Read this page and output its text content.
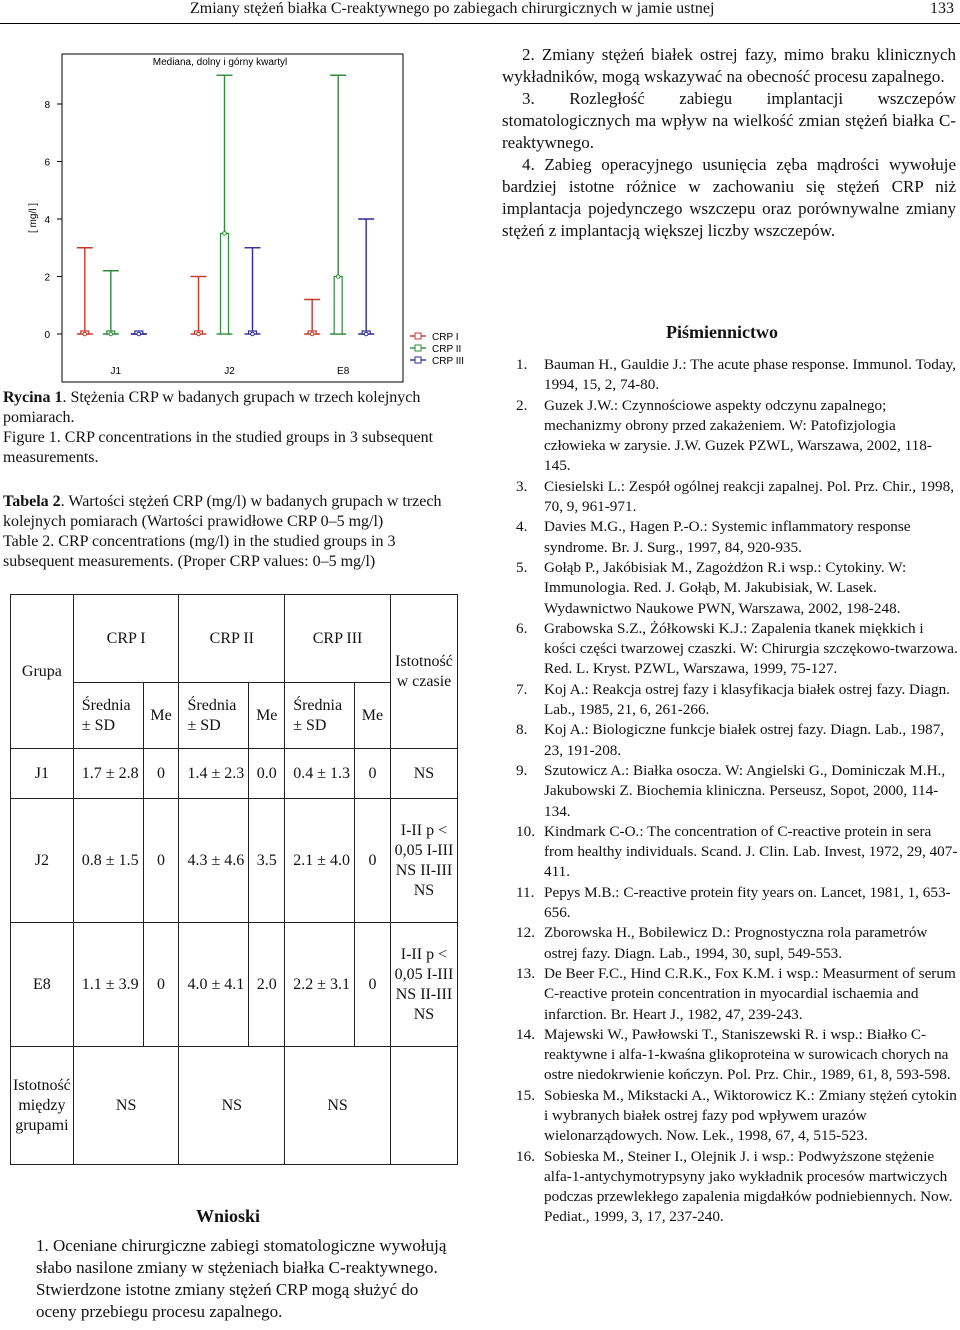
Zmiany stężeń białka C-reaktywnego po zabiegach chirurgicznych w jamie ustnej	133
Mediana, dolny i górny kwartyl
[ mg/l ]
0
2
4
6
8
J1	J2	E8
CRP I
CRP II
CRP III
Rycina 1. Stężenia CRP w badanych grupach w trzech kolejnych pomiarach.
Figure 1. CRP concentrations in the studied groups in 3 subsequent measurements.
Tabela 2. Wartości stężeń CRP (mg/l) w badanych grupach w trzech kolejnych pomiarach (Wartości prawidłowe CRP 0–5 mg/l)
Table 2. CRP concentrations (mg/l) in the studied groups in 3 subsequent measurements. (Proper CRP values: 0–5 mg/l)
Grupa	CRP I		CRP II		CRP III		Istotność w czasie
	Średnia ± SD	Me	Średnia ± SD	Me	Średnia ± SD	Me	
J1	1.7 ± 2.8	0	1.4 ± 2.3	0.0	0.4 ± 1.3	0	NS
J2	0.8 ± 1.5	0	4.3 ± 4.6	3.5	2.1 ± 4.0	0	I-II p < 0,05 I-III NS II-III NS
E8	1.1 ± 3.9	0	4.0 ± 4.1	2.0	2.2 ± 3.1	0	I-II p < 0,05 I-III NS II-III NS
Istotność między grupami	NS		NS		NS		
Wnioski
1. Oceniane chirurgiczne zabiegi stomatologiczne wywołują słabo nasilone zmiany w stężeniach białka C-reaktywnego. Stwierdzone istotne zmiany stężeń CRP mogą służyć do oceny przebiegu procesu zapalnego.

2. Zmiany stężeń białek ostrej fazy, mimo braku klinicznych wykładników, mogą wskazywać na obecność procesu zapalnego.

3. Rozległość zabiegu implantacji wszczepów stomatologicznych ma wpływ na wielkość zmian stężeń białka C-reaktywnego.

4. Zabieg operacyjnego usunięcia zęba mądrości wywołuje bardziej istotne różnice w zachowaniu się stężeń CRP niż implantacja pojedynczego wszczepu oraz porównywalne zmiany stężeń z implantacją większej liczby wszczepów.

Piśmiennictwo
1.	Bauman H., Gauldie J.: The acute phase response. Immunol. Today, 1994, 15, 2, 74-80.
2.	Guzek J.W.: Czynnościowe aspekty odczynu zapalnego; mechanizmy obrony przed zakażeniem. W: Patofizjologia człowieka w zarysie. J.W. Guzek PZWL, Warszawa, 2002, 118-145.
3.	Ciesielski L.: Zespół ogólnej reakcji zapalnej. Pol. Prz. Chir., 1998, 70, 9, 961-971.
4.	Davies M.G., Hagen P.-O.: Systemic inflammatory response syndrome. Br. J. Surg., 1997, 84, 920-935.
5.	Gołąb P., Jakóbisiak M., Zagożdżon R.i wsp.: Cytokiny. W: Immunologia. Red. J. Gołąb, M. Jakubisiak, W. Lasek. Wydawnictwo Naukowe PWN, Warszawa, 2002, 198-248.
6.	Grabowska S.Z., Żółkowski K.J.: Zapalenia tkanek miękkich i kości części twarzowej czaszki. W: Chirurgia szczękowo-twarzowa. Red. L. Kryst. PZWL, Warszawa, 1999, 75-127.
7.	Koj A.: Reakcja ostrej fazy i klasyfikacja białek ostrej fazy. Diagn. Lab., 1985, 21, 6, 261-266.
8.	Koj A.: Biologiczne funkcje białek ostrej fazy. Diagn. Lab., 1987, 23, 191-208.
9.	Szutowicz A.: Białka osocza. W: Angielski G., Dominiczak M.H., Jakubowski Z. Biochemia kliniczna. Perseusz, Sopot, 2000, 114-134.
10. Kindmark C-O.: The concentration of C-reactive protein in sera from healthy individuals. Scand. J. Clin. Lab. Invest, 1972, 29, 407-411.
11. Pepys M.B.: C-reactive protein fity years on. Lancet, 1981, 1, 653-656.
12. Zborowska H., Bobilewicz D.: Prognostyczna rola parametrów ostrej fazy. Diagn. Lab., 1994, 30, supl, 549-553.
13. De Beer F.C., Hind C.R.K., Fox K.M. i wsp.: Measurment of serum C-reactive protein concentration in myocardial ischaemia and infarction. Br. Heart J., 1982, 47, 239-243.
14. Majewski W., Pawłowski T., Staniszewski R. i wsp.: Białko C-reaktywne i alfa-1-kwaśna glikoproteina w surowicach chorych na ostre niedokrwienie kończyn. Pol. Prz. Chir., 1989, 61, 8, 593-598.
15. Sobieska M., Mikstacki A., Wiktorowicz K.: Zmiany stężeń cytokin i wybranych białek ostrej fazy pod wpływem urazów wielonarządowych. Now. Lek., 1998, 67, 4, 515-523.
16. Sobieska M., Steiner I., Olejnik J. i wsp.: Podwyższone stężenie alfa-1-antychymotrypsyny jako wykładnik procesów martwiczych podczas przewlekłego zapalenia migdałków podniebiennych. Now. Pediat., 1999, 3, 17, 237-240.
